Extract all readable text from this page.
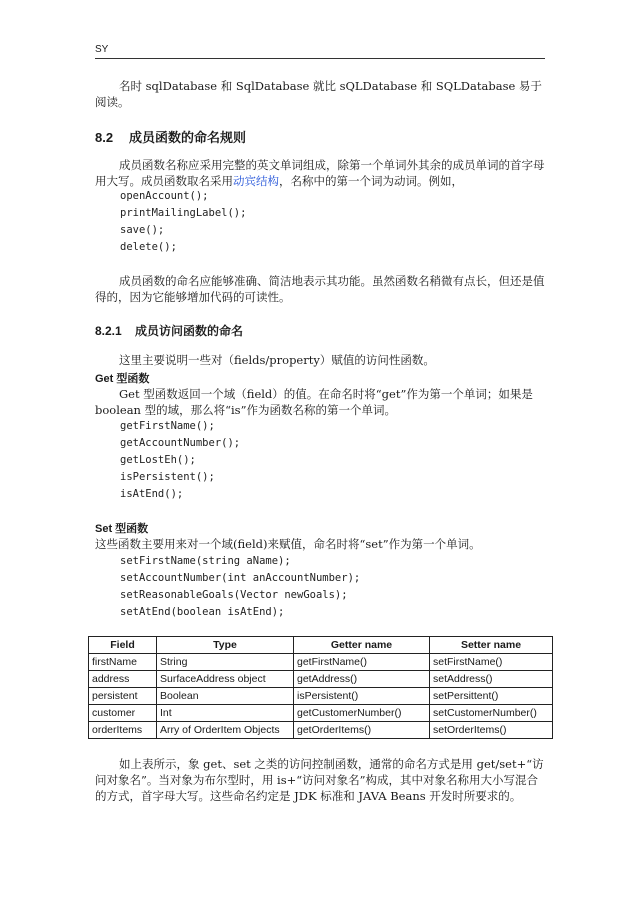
SY
名时 sqlDatabase 和 SqlDatabase 就比 sQLDatabase 和 SQLDatabase 易于阅读。
8.2 成员函数的命名规则
成员函数名称应采用完整的英文单词组成，除第一个单词外其余的成员单词的首字母用大写。成员函数取名采用动宾结构，名称中的第一个词为动词。例如，
openAccount();
printMailingLabel();
save();
delete();
成员函数的命名应能够准确、简洁地表示其功能。虽然函数名稍微有点长，但还是值得的，因为它能够增加代码的可读性。
8.2.1 成员访问函数的命名
这里主要说明一些对（fields/property）赋值的访问性函数。
Get 型函数
Get 型函数返回一个域（field）的值。在命名时将“get”作为第一个单词；如果是 boolean 型的域，那么将“is”作为函数名称的第一个单词。
getFirstName();
getAccountNumber();
getLostEh();
isPersistent();
isAtEnd();
Set 型函数
这些函数主要用来对一个域(field)来赋值，命名时将“set”作为第一个单词。
setFirstName(string aName);
setAccountNumber(int anAccountNumber);
setReasonableGoals(Vector newGoals);
setAtEnd(boolean isAtEnd);
Field	Type	Getter name	Setter name
firstName	String	getFirstName()	setFirstName()
address	SurfaceAddress object	getAddress()	setAddress()
persistent	Boolean	isPersistent()	setPersittent()
customer	Int	getCustomerNumber()	setCustomerNumber()
orderItems	Arry of OrderItem Objects	getOrderItems()	setOrderItems()
如上表所示，象 get、set 之类的访问控制函数，通常的命名方式是用 get/set+“访问对象名”。当对象为布尔型时，用 is+“访问对象名”构成，其中对象名称用大小写混合的方式，首字母大写。这些命名约定是 JDK 标准和 JAVA Beans 开发时所要求的。
